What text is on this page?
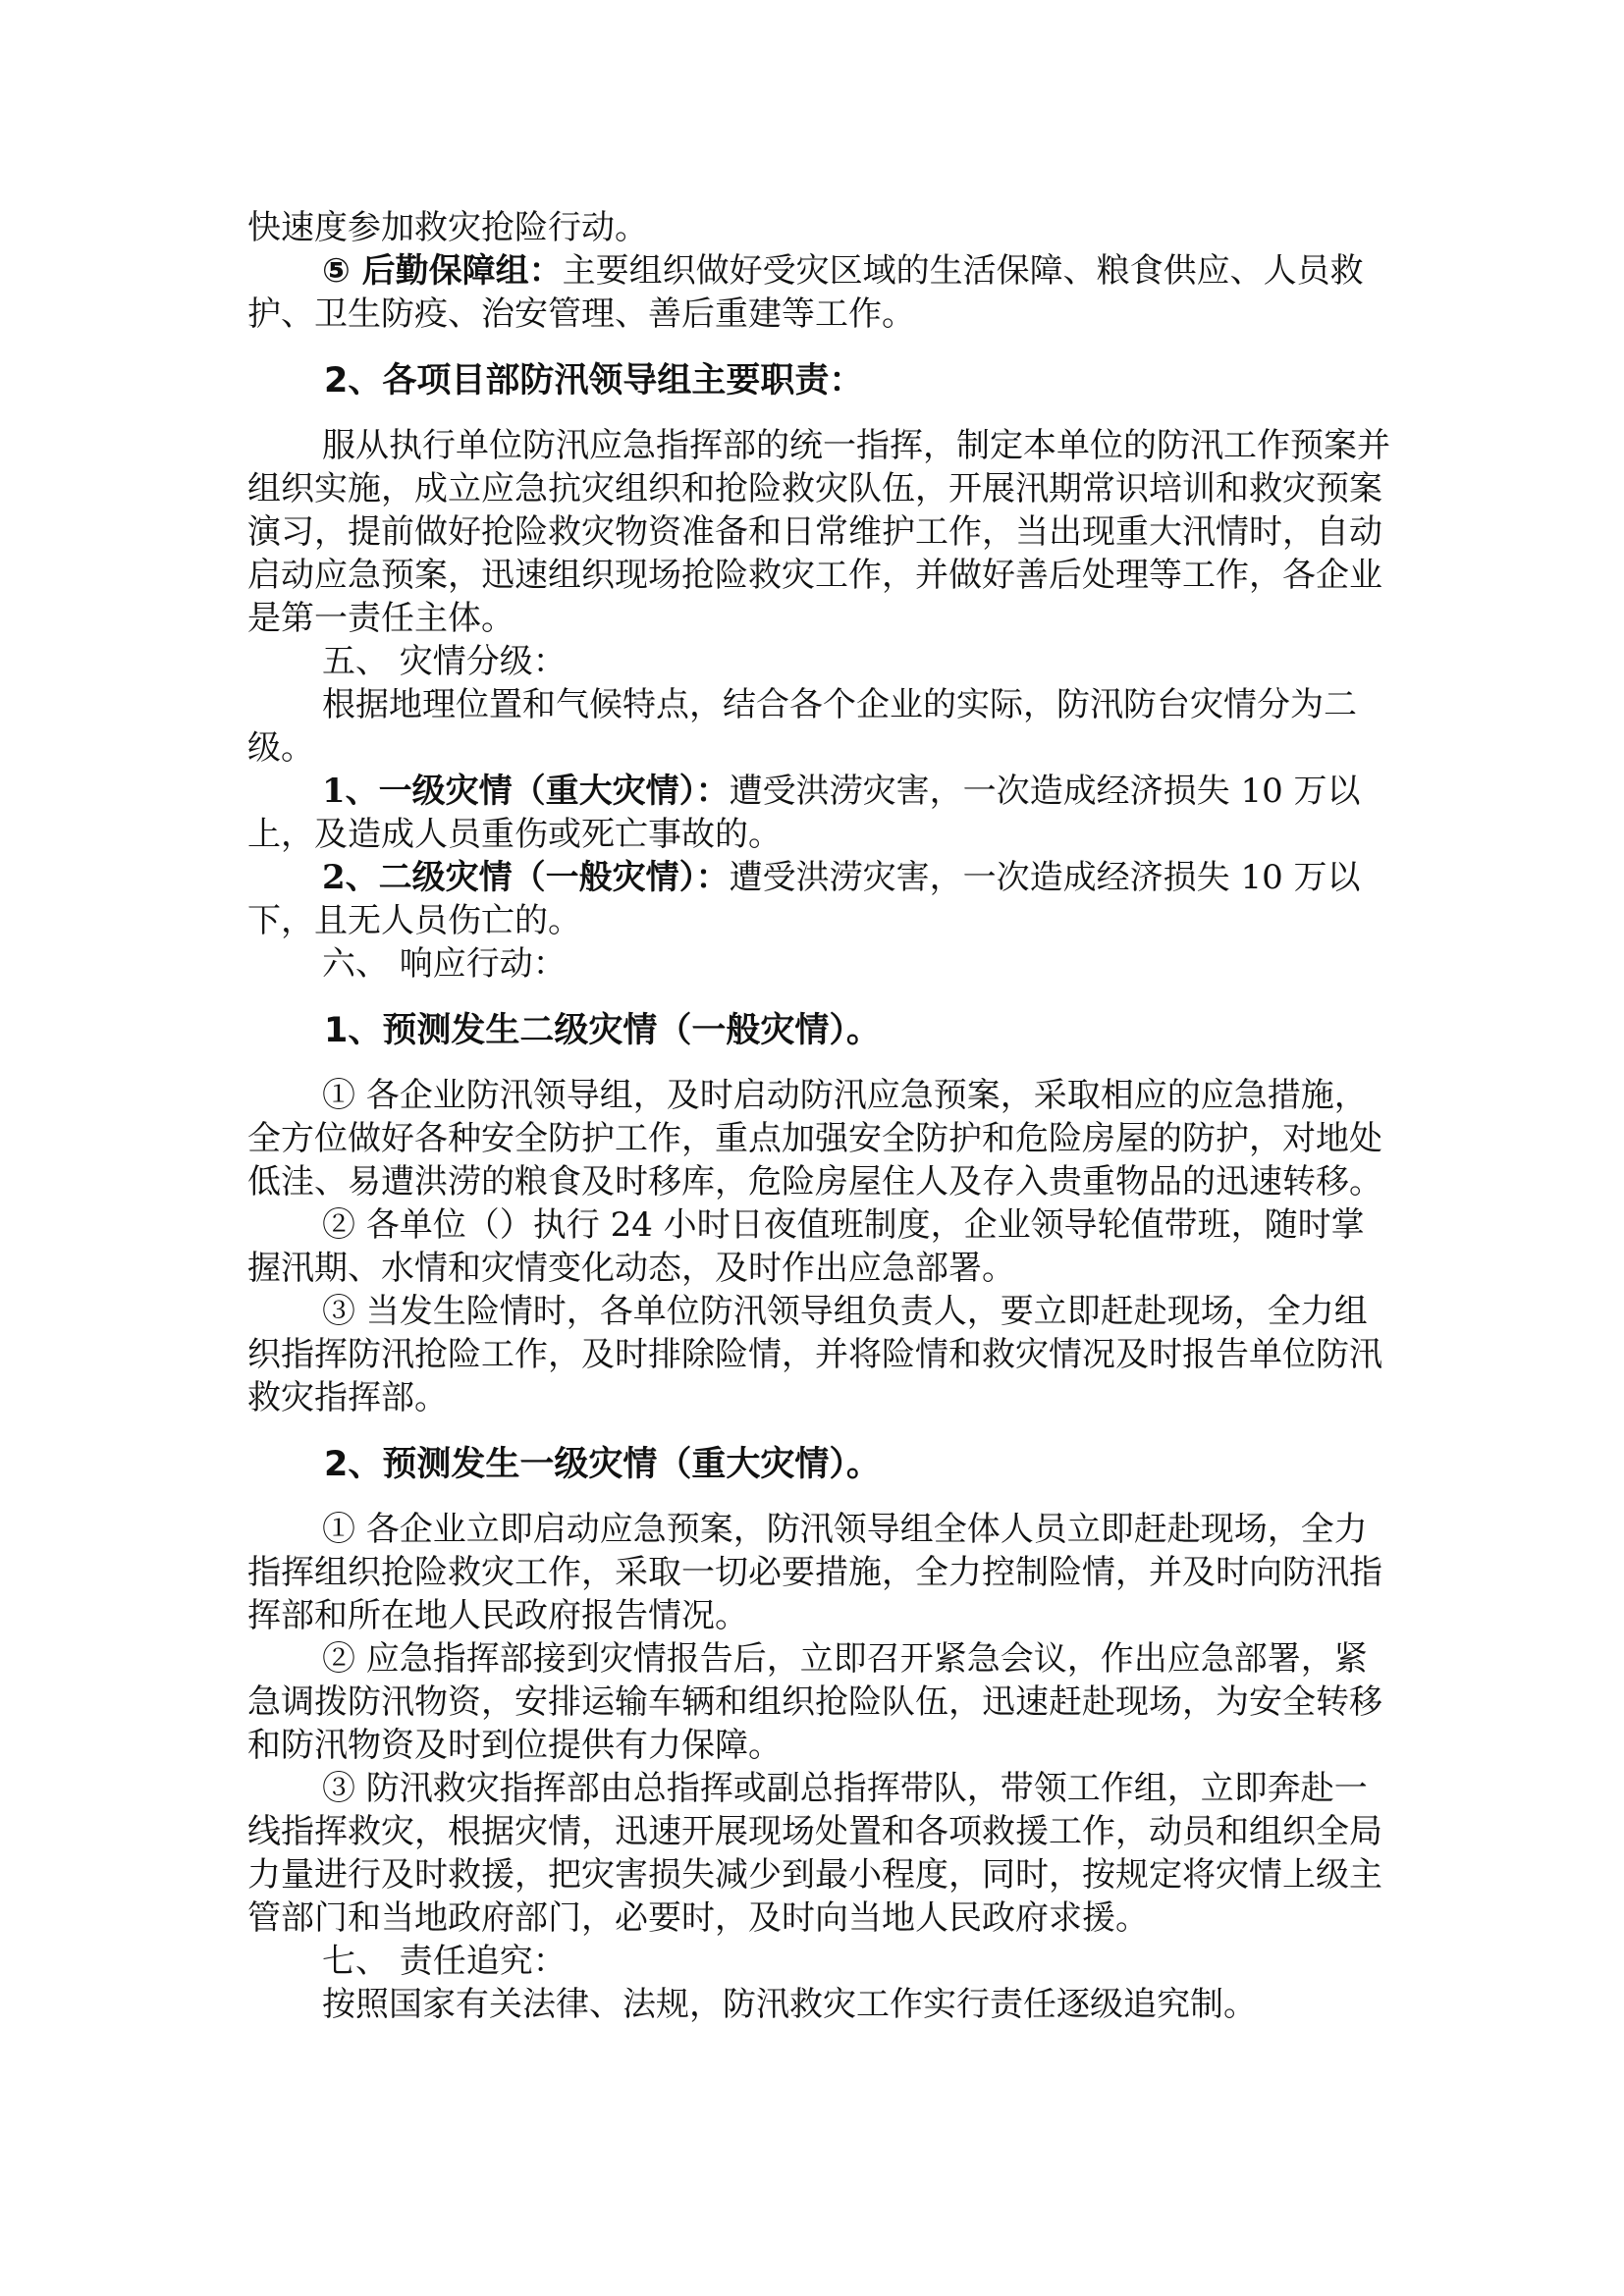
快速度参加救灾抢险行动。

⑤ 后勤保障组：主要组织做好受灾区域的生活保障、粮食供应、人员救护、卫生防疫、治安管理、善后重建等工作。

2、各项目部防汛领导组主要职责：

服从执行单位防汛应急指挥部的统一指挥，制定本单位的防汛工作预案并组织实施，成立应急抗灾组织和抢险救灾队伍，开展汛期常识培训和救灾预案演习，提前做好抢险救灾物资准备和日常维护工作，当出现重大汛情时，自动启动应急预案，迅速组织现场抢险救灾工作，并做好善后处理等工作，各企业是第一责任主体。

五、 灾情分级：

根据地理位置和气候特点，结合各个企业的实际，防汛防台灾情分为二级。

1、一级灾情（重大灾情）：遭受洪涝灾害，一次造成经济损失 10 万以上，及造成人员重伤或死亡事故的。

2、二级灾情（一般灾情）：遭受洪涝灾害，一次造成经济损失 10 万以下，且无人员伤亡的。

六、 响应行动：

1、预测发生二级灾情（一般灾情）。

① 各企业防汛领导组，及时启动防汛应急预案，采取相应的应急措施，全方位做好各种安全防护工作，重点加强安全防护和危险房屋的防护，对地处低洼、易遭洪涝的粮食及时移库，危险房屋住人及存入贵重物品的迅速转移。

② 各单位（）执行 24 小时日夜值班制度，企业领导轮值带班，随时掌握汛期、水情和灾情变化动态，及时作出应急部署。

③ 当发生险情时，各单位防汛领导组负责人，要立即赶赴现场，全力组织指挥防汛抢险工作，及时排除险情，并将险情和救灾情况及时报告单位防汛救灾指挥部。

2、预测发生一级灾情（重大灾情）。

① 各企业立即启动应急预案，防汛领导组全体人员立即赶赴现场，全力指挥组织抢险救灾工作，采取一切必要措施，全力控制险情，并及时向防汛指挥部和所在地人民政府报告情况。

② 应急指挥部接到灾情报告后，立即召开紧急会议，作出应急部署，紧急调拨防汛物资，安排运输车辆和组织抢险队伍，迅速赶赴现场，为安全转移和防汛物资及时到位提供有力保障。

③ 防汛救灾指挥部由总指挥或副总指挥带队，带领工作组，立即奔赴一线指挥救灾，根据灾情，迅速开展现场处置和各项救援工作，动员和组织全局力量进行及时救援，把灾害损失减少到最小程度，同时，按规定将灾情上级主管部门和当地政府部门，必要时，及时向当地人民政府求援。

七、 责任追究：

按照国家有关法律、法规，防汛救灾工作实行责任逐级追究制。
